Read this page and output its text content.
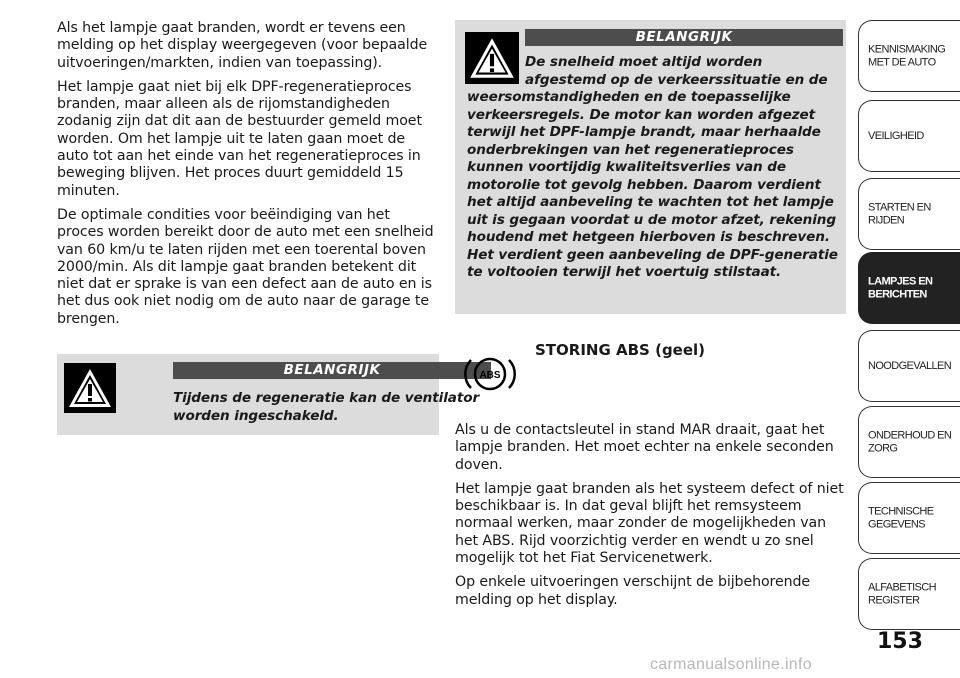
Als het lampje gaat branden, wordt er tevens een melding op het display weergegeven (voor bepaalde uitvoeringen/markten, indien van toepassing).

Het lampje gaat niet bij elk DPF-regeneratieproces branden, maar alleen als de rijomstandigheden zodanig zijn dat dit aan de bestuurder gemeld moet worden. Om het lampje uit te laten gaan moet de auto tot aan het einde van het regeneratieproces in beweging blijven. Het proces duurt gemiddeld 15 minuten.

De optimale condities voor beëindiging van het proces worden bereikt door de auto met een snelheid van 60 km/u te laten rijden met een toerental boven 2000/min. Als dit lampje gaat branden betekent dit niet dat er sprake is van een defect aan de auto en is het dus ook niet nodig om de auto naar de garage te brengen.

BELANGRIJK
Tijdens de regeneratie kan de ventilator worden ingeschakeld.
BELANGRIJK
De snelheid moet altijd worden afgestemd op de verkeerssituatie en de
weersomstandigheden en de toepasselijke verkeersregels. De motor kan worden afgezet terwijl het DPF-lampje brandt, maar herhaalde onderbrekingen van het regeneratieproces kunnen voortijdig kwaliteitsverlies van de motorolie tot gevolg hebben. Daarom verdient het altijd aanbeveling te wachten tot het lampje uit is gegaan voordat u de motor afzet, rekening houdend met hetgeen hierboven is beschreven. Het verdient geen aanbeveling de DPF-generatie te voltooien terwijl het voertuig stilstaat.
ABS
STORING ABS (geel)

Als u de contactsleutel in stand MAR draait, gaat het lampje branden. Het moet echter na enkele seconden doven.

Het lampje gaat branden als het systeem defect of niet beschikbaar is. In dat geval blijft het remsysteem normaal werken, maar zonder de mogelijkheden van het ABS. Rijd voorzichtig verder en wendt u zo snel mogelijk tot het Fiat Servicenetwerk.

Op enkele uitvoeringen verschijnt de bijbehorende melding op het display.

KENNISMAKING MET DE AUTO
VEILIGHEID
STARTEN EN RIJDEN
LAMPJES EN BERICHTEN
NOODGEVALLEN
ONDERHOUD EN ZORG
TECHNISCHE GEGEVENS
ALFABETISCH REGISTER
153
carmanualsonline.info
